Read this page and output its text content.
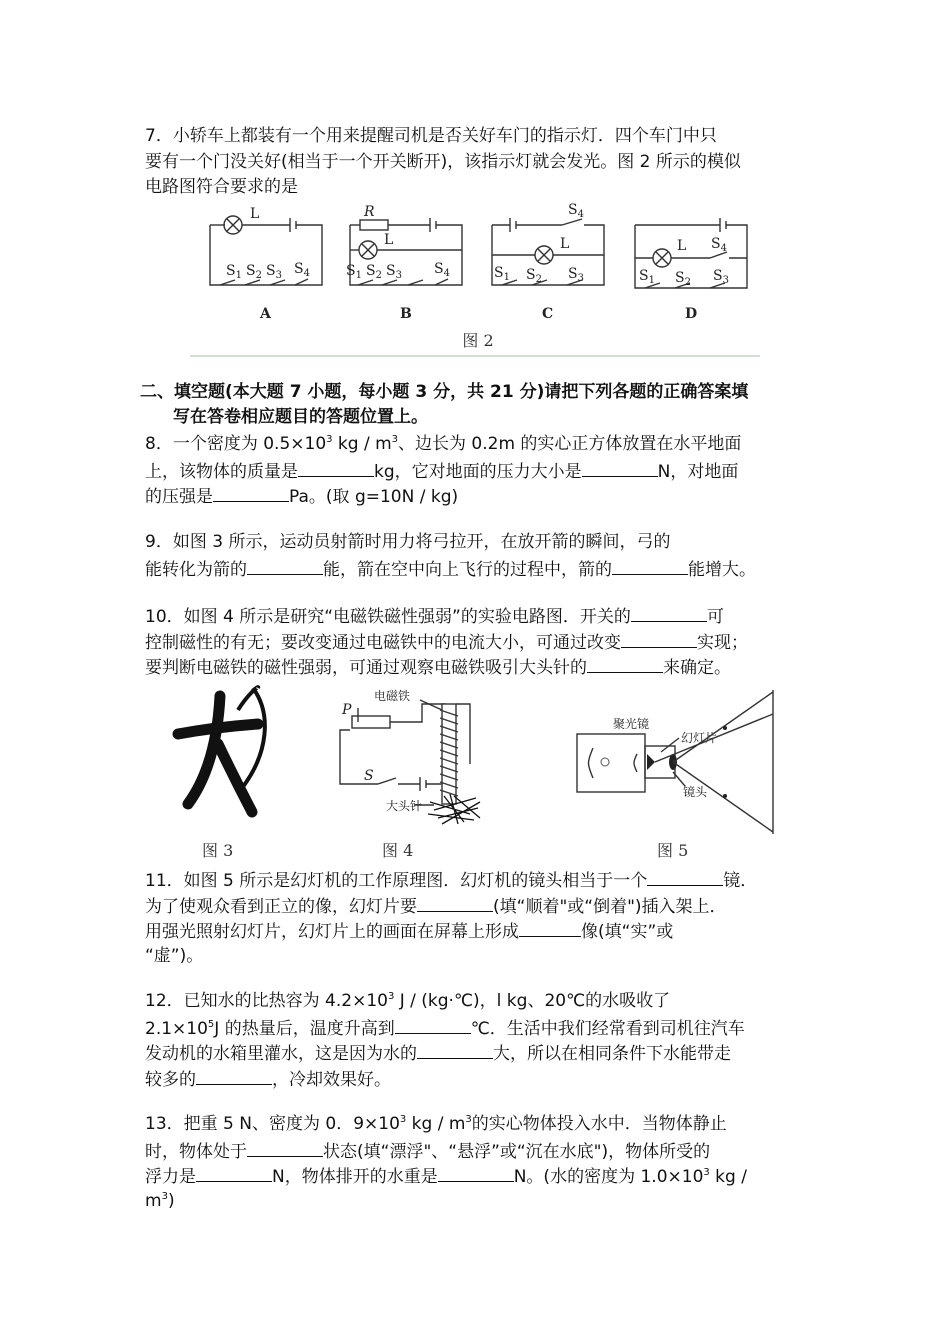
7．小轿车上都装有一个用来提醒司机是否关好车门的指示灯．四个车门中只
要有一个门没关好(相当于一个开关断开)，该指示灯就会发光。图 2 所示的模似
电路图符合要求的是
L
$S_1$ $S_2$ $S_3$ $S_4$
A
R
L
$S_1$ $S_2$ $S_3$ $S_4$
B
$S_4$
L
$S_1$ $S_2$ $S_3$
C
L $S_4$
$S_1$ $S_2$ $S_3$
D
图 2
二、填空题(本大题 7 小题，每小题 3 分，共 21 分)请把下列各题的正确答案填
写在答卷相应题目的答题位置上。
8．一个密度为 $0.5\times 10^3$ kg / $m^3$、边长为 0.2m 的实心正方体放置在水平地面
上，该物体的质量是	kg，它对地面的压力大小是	N，对地面
的压强是	Pa。(取 g=10N / kg)
9．如图 3 所示，运动员射箭时用力将弓拉开，在放开箭的瞬间，弓的
能转化为箭的	能，箭在空中向上飞行的过程中，箭的	能增大。
10．如图 4 所示是研究“电磁铁磁性强弱”的实验电路图．开关的	可
控制磁性的有无；要改变通过电磁铁中的电流大小，可通过改变	实现；
要判断电磁铁的磁性强弱，可通过观察电磁铁吸引大头针的	来确定。
图 3
P
S
电磁铁
大头针
图 4
聚光镜
幻灯片
镜头
图 5
11．如图 5 所示是幻灯机的工作原理图．幻灯机的镜头相当于一个	镜．
为了使观众看到正立的像，幻灯片要	(填“顺着"或“倒着")插入架上．
用强光照射幻灯片，幻灯片上的画面在屏幕上形成	像(填“实”或
“虚”)。
12．已知水的比热容为 $4.2\times 10^3$ J / (kg·℃)，l kg、20℃的水吸收了
$2.1\times 10^5J$ 的热量后，温度升高到	℃．生活中我们经常看到司机往汽车
发动机的水箱里灌水，这是因为水的	大，所以在相同条件下水能带走
较多的	，冷却效果好。
13．把重 5 N、密度为 0．$9\times 10^3$ kg / $m^3$的实心物体投入水中．当物体静止
时，物体处于	状态(填“漂浮"、“悬浮”或“沉在水底")，物体所受的
浮力是	N，物体排开的水重是	N。(水的密度为 $1.0\times 10^3$ kg /
$m^3$)
